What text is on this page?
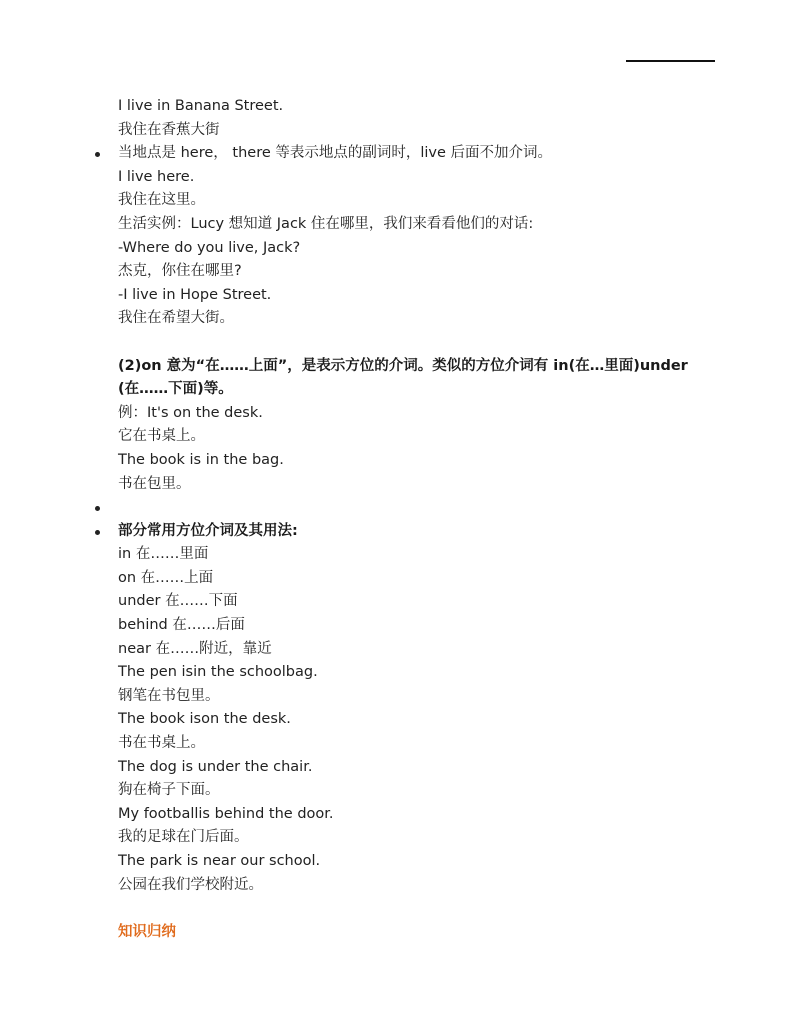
I live in Banana Street.
我住在香蕉大街
当地点是 here， there 等表示地点的副词时，live 后面不加介词。
I live here.
我住在这里。
生活实例：Lucy 想知道 Jack 住在哪里，我们来看看他们的对话:
-Where do you live, Jack?
杰克，你住在哪里?
-I live in Hope Street.
我住在希望大街。
(2)on 意为“在……上面”，是表示方位的介词。类似的方位介词有 in(在…里面)under
(在……下面)等。
例：It's on the desk.
它在书桌上。
The book is in the bag.
书在包里。
部分常用方位介词及其用法:
in 在……里面
on 在……上面
under 在……下面
behind 在……后面
near 在……附近，靠近
The pen isin the schoolbag.
钢笔在书包里。
The book ison the desk.
书在书桌上。
The dog is under the chair.
狗在椅子下面。
My footballis behind the door.
我的足球在门后面。
The park is near our school.
公园在我们学校附近。
知识归纳
